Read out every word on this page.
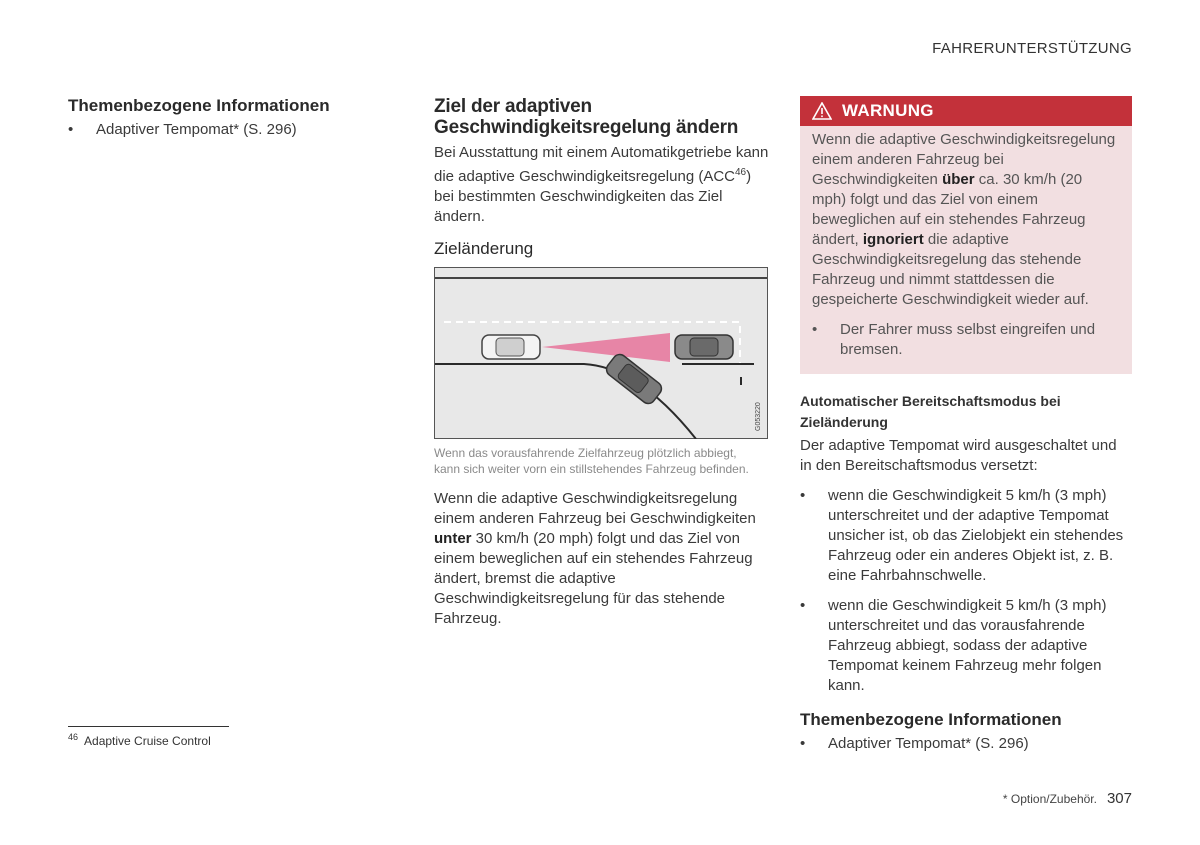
FAHRERUNTERSTÜTZUNG

Themenbezogene Informationen

• Adaptiver Tempomat* (S. 296)

Ziel der adaptiven Geschwindigkeitsregelung ändern

Bei Ausstattung mit einem Automatikgetriebe kann die adaptive Geschwindigkeitsregelung (ACC$^{46}$) bei bestimmten Geschwindigkeiten das Ziel ändern.

Zieländerung

G053220
Wenn das vorausfahrende Zielfahrzeug plötzlich abbiegt, kann sich weiter vorn ein stillstehendes Fahrzeug befinden.
Wenn die adaptive Geschwindigkeitsregelung einem anderen Fahrzeug bei Geschwindigkeiten unter 30 km/h (20 mph) folgt und das Ziel von einem beweglichen auf ein stehendes Fahrzeug ändert, bremst die adaptive Geschwindigkeitsregelung für das stehende Fahrzeug.
WARNUNG
Wenn die adaptive Geschwindigkeitsregelung einem anderen Fahrzeug bei Geschwindigkeiten über ca. 30 km/h (20 mph) folgt und das Ziel von einem beweglichen auf ein stehendes Fahrzeug ändert, ignoriert die adaptive Geschwindigkeitsregelung das stehende Fahrzeug und nimmt stattdessen die gespeicherte Geschwindigkeit wieder auf.
• Der Fahrer muss selbst eingreifen und bremsen.
Automatischer Bereitschaftsmodus bei Zieländerung
Der adaptive Tempomat wird ausgeschaltet und in den Bereitschaftsmodus versetzt:
• wenn die Geschwindigkeit 5 km/h (3 mph) unterschreitet und der adaptive Tempomat unsicher ist, ob das Zielobjekt ein stehendes Fahrzeug oder ein anderes Objekt ist, z. B. eine Fahrbahnschwelle.
• wenn die Geschwindigkeit 5 km/h (3 mph) unterschreitet und das vorausfahrende Fahrzeug abbiegt, sodass der adaptive Tempomat keinem Fahrzeug mehr folgen kann.

Themenbezogene Informationen

• Adaptiver Tempomat* (S. 296)
$^{46}$ Adaptive Cruise Control
* Option/Zubehör. 307
